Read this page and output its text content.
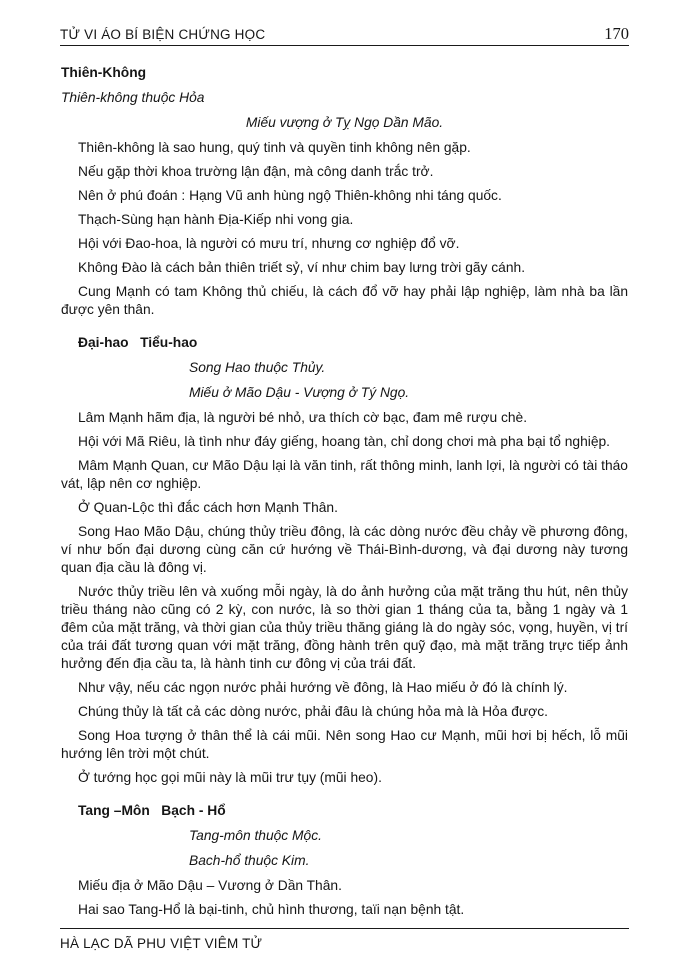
TỬ VI ÁO BÍ BIỆN CHỨNG HỌC	170
Thiên-Không

Thiên-không thuộc Hỏa

Miếu vượng ở Tỵ Ngọ Dần Mão.

Thiên-không là sao hung, quý tinh và quyền tinh không nên gặp.

Nếu gặp thời khoa trường lận đận, mà công danh trắc trở.

Nên ở phú đoán : Hạng Vũ anh hùng ngộ Thiên-không nhi táng quốc.

Thạch-Sùng hạn hành Địa-Kiếp nhi vong gia.

Hội với Đao-hoa, là người có mưu trí, nhưng cơ nghiệp đổ vỡ.

Không Đào là cách bản thiên triết sỷ, ví như chim bay lưng trời gãy cánh.

Cung Mạnh có tam Không thủ chiếu, là cách đổ vỡ hay phải lập nghiệp, làm nhà ba lần được yên thân.

Đại-hao   Tiểu-hao

Song Hao thuộc Thủy.

Miếu ở Mão Dậu - Vượng ở Tý Ngọ.

Lâm Mạnh hãm địa, là người bé nhỏ, ưa thích cờ bạc, đam mê rượu chè.

Hội với Mã Riêu, là tình như đáy giếng, hoang tàn, chỉ dong chơi mà pha bại tổ nghiệp.

Mâm Mạnh Quan, cư Mão Dậu lại là văn tinh, rất thông minh, lanh lợi, là người có tài tháo vát, lập nên cơ nghiệp.

Ở Quan-Lộc thì đắc cách hơn Mạnh Thân.

Song Hao Mão Dậu, chúng thủy triều đông, là các dòng nước đều chảy về phương đông, ví như bốn đại dương cùng căn cứ hướng về Thái-Bình-dương, và đại dương này tương quan địa cầu là đông vị.

Nước thủy triều lên và xuống mỗi ngày, là do ảnh hưởng của mặt trăng thu hút, nên thủy triều tháng nào cũng có 2 kỳ, con nước, là so thời gian 1 tháng của ta, bằng 1 ngày và 1 đêm của mặt trăng, và thời gian của thủy triều thăng giáng là do ngày sóc, vọng, huyền, vị trí của trái đất tương quan với mặt trăng, đồng hành trên quỹ đạo, mà mặt trăng trực tiếp ảnh hưởng đến địa cầu ta, là hành tinh cư đông vị của trái đất.

Như vậy, nếu các ngọn nước phải hướng về đông, là Hao miếu ở đó là chính lý.

Chúng thủy là tất cả các dòng nước, phải đâu là chúng hỏa mà là Hỏa được.

Song Hoa tượng ở thân thể là cái mũi. Nên song Hao cư Mạnh, mũi hơi bị hếch, lỗ mũi hướng lên trời một chút.

Ở tướng học gọi mũi này là mũi trư tụy (mũi heo).

Tang –Môn   Bạch - Hổ

Tang-môn thuộc Mộc.

Bach-hổ thuộc Kim.

Miếu địa ở Mão Dậu – Vương ở Dần Thân.

Hai sao Tang-Hổ là bại-tinh, chủ hình thương, taïi nạn bệnh tật.

HÀ LẠC DÃ PHU VIỆT VIÊM TỬ
